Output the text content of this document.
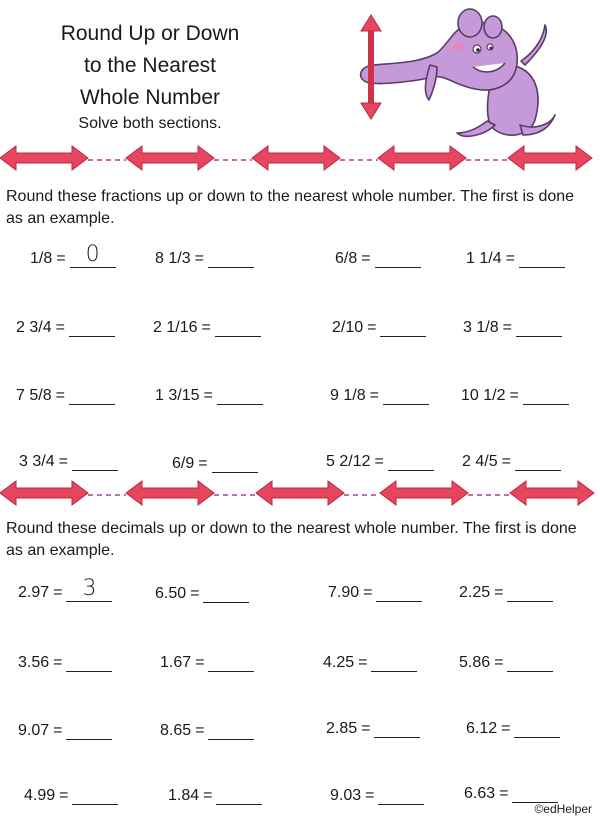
Round Up or Down
to the Nearest
Whole Number
Solve both sections.
Round these fractions up or down to the nearest whole number. The first is done as an example.
1/8 = 0	8 1/3 =	6/8 =	1 1/4 =
2 3/4 =	2 1/16 =	2/10 =	3 1/8 =
7 5/8 =	1 3/15 =	9 1/8 =	10 1/2 =
3 3/4 =	6/9 =	5 2/12 =	2 4/5 =
Round these decimals up or down to the nearest whole number. The first is done as an example.
2.97 = 3	6.50 =	7.90 =	2.25 =
3.56 =	1.67 =	4.25 =	5.86 =
9.07 =	8.65 =	2.85 =	6.12 =
4.99 =	1.84 =	9.03 =	6.63 =
©edHelper
